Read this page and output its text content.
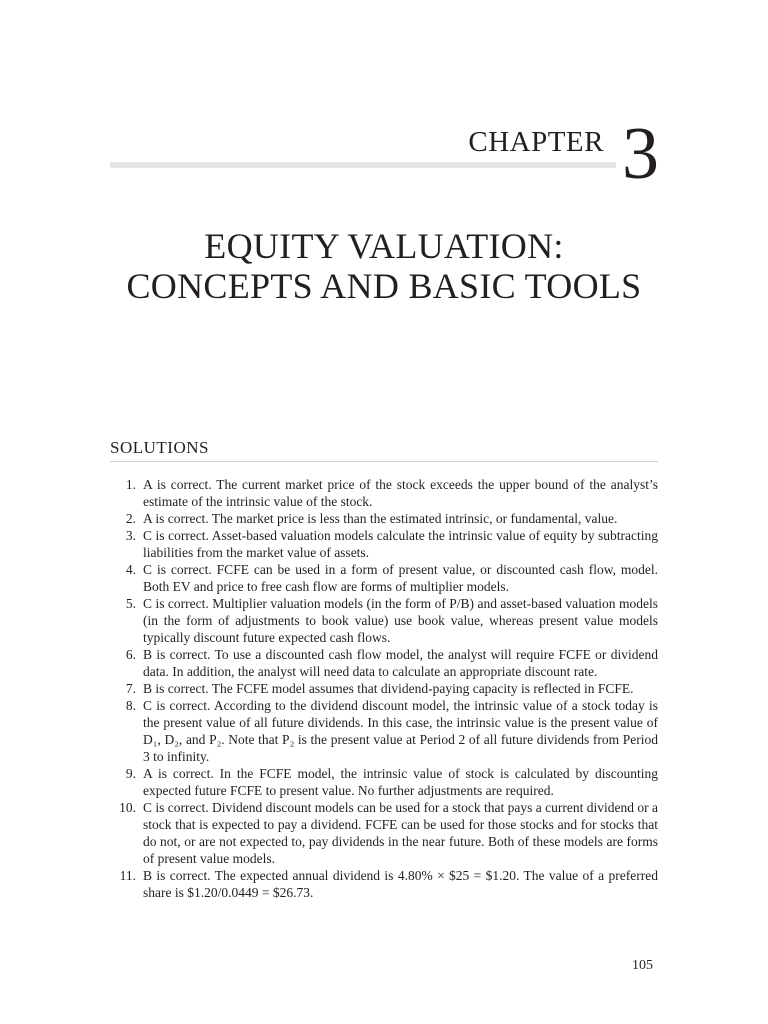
CHAPTER 3
EQUITY VALUATION:
CONCEPTS AND BASIC TOOLS
SOLUTIONS
1. A is correct. The current market price of the stock exceeds the upper bound of the analyst’s estimate of the intrinsic value of the stock.
2. A is correct. The market price is less than the estimated intrinsic, or fundamental, value.
3. C is correct. Asset-based valuation models calculate the intrinsic value of equity by subtracting liabilities from the market value of assets.
4. C is correct. FCFE can be used in a form of present value, or discounted cash flow, model. Both EV and price to free cash flow are forms of multiplier models.
5. C is correct. Multiplier valuation models (in the form of P/B) and asset-based valuation models (in the form of adjustments to book value) use book value, whereas present value models typically discount future expected cash flows.
6. B is correct. To use a discounted cash flow model, the analyst will require FCFE or dividend data. In addition, the analyst will need data to calculate an appropriate discount rate.
7. B is correct. The FCFE model assumes that dividend-paying capacity is reflected in FCFE.
8. C is correct. According to the dividend discount model, the intrinsic value of a stock today is the present value of all future dividends. In this case, the intrinsic value is the present value of D₁, D₂, and P₂. Note that P₂ is the present value at Period 2 of all future dividends from Period 3 to infinity.
9. A is correct. In the FCFE model, the intrinsic value of stock is calculated by discounting expected future FCFE to present value. No further adjustments are required.
10. C is correct. Dividend discount models can be used for a stock that pays a current dividend or a stock that is expected to pay a dividend. FCFE can be used for those stocks and for stocks that do not, or are not expected to, pay dividends in the near future. Both of these models are forms of present value models.
11. B is correct. The expected annual dividend is 4.80% × $25 = $1.20. The value of a preferred share is $1.20/0.0449 = $26.73.
105
